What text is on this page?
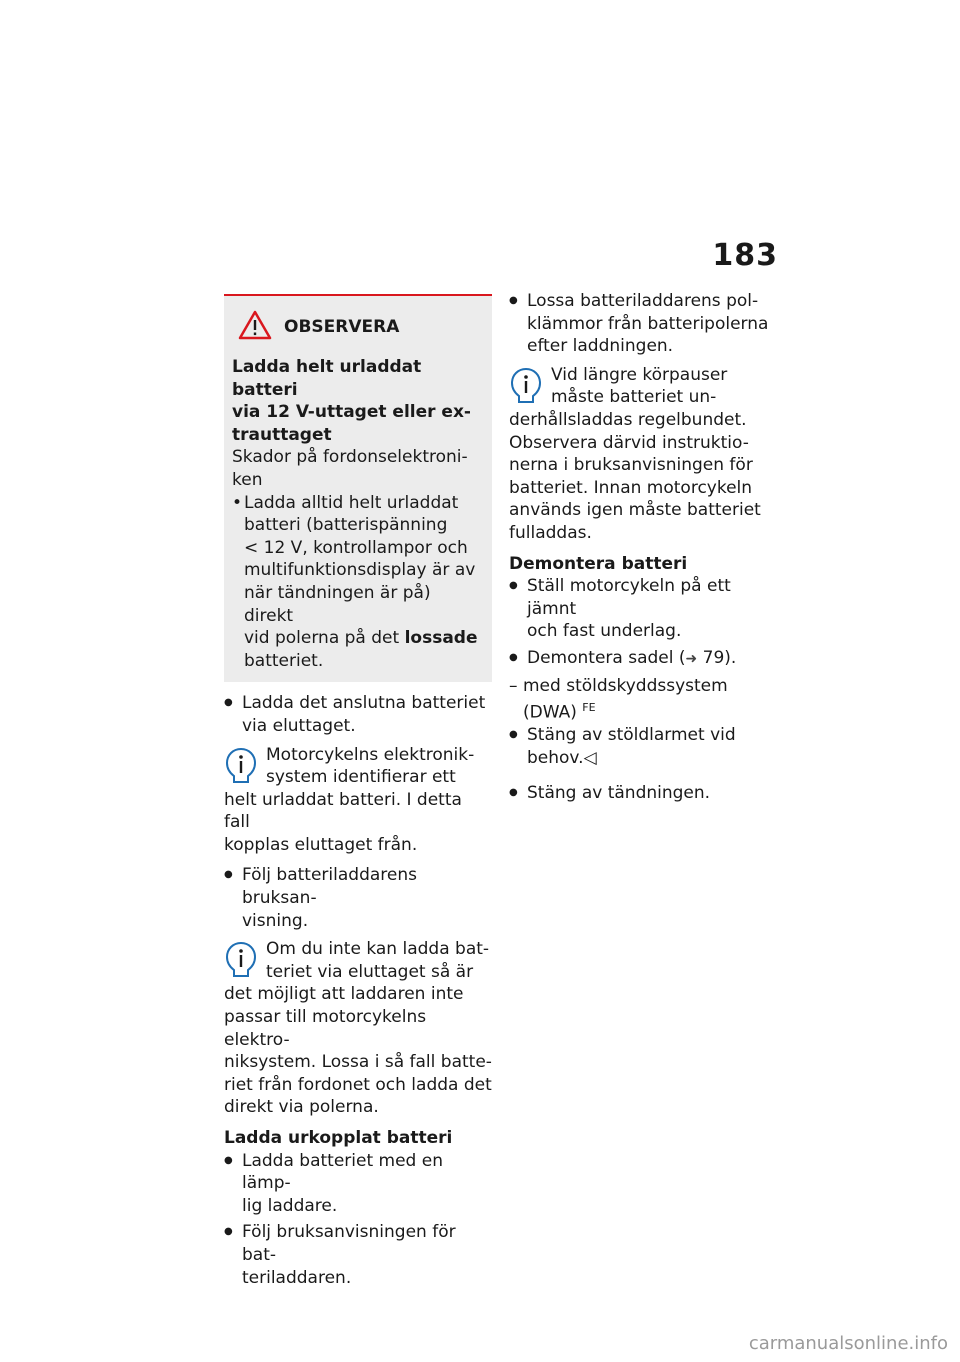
183
OBSERVERA

Ladda helt urladdat batteri

via 12 V-uttaget eller ex-

trauttaget

Skador på fordonselektroni-

ken

• Ladda alltid helt urladdat
batteri (batterispänning
< 12 V, kontrollampor och
multifunktionsdisplay är av
när tändningen är på) direkt
vid polerna på det lossade
batteriet.
● Ladda det anslutna batteriet
via eluttaget.
Motorcykelns elektronik-
system identifierar ett
helt urladdat batteri. I detta fall
kopplas eluttaget från.
● Följ batteriladdarens bruksan-
visning.
Om du inte kan ladda bat-
teriet via eluttaget så är
det möjligt att laddaren inte
passar till motorcykelns elektro-
niksystem. Lossa i så fall batte-
riet från fordonet och ladda det
direkt via polerna.
Ladda urkopplat batteri
● Ladda batteriet med en lämp-
lig laddare.
● Följ bruksanvisningen för bat-
teriladdaren.
● Lossa batteriladdarens pol-
klämmor från batteripolerna
efter laddningen.
Vid längre körpauser
måste batteriet un-
derhållsladdas regelbundet.
Observera därvid instruktio-
nerna i bruksanvisningen för
batteriet. Innan motorcykeln
används igen måste batteriet
fulladdas.
Demontera batteri
● Ställ motorcykeln på ett jämnt
och fast underlag.
● Demontera sadel (➜ 79).
– med stöldskyddssystem
(DWA) $^{FE}$
● Stäng av stöldlarmet vid
behov.◁
● Stäng av tändningen.
carmanualsonline.info
